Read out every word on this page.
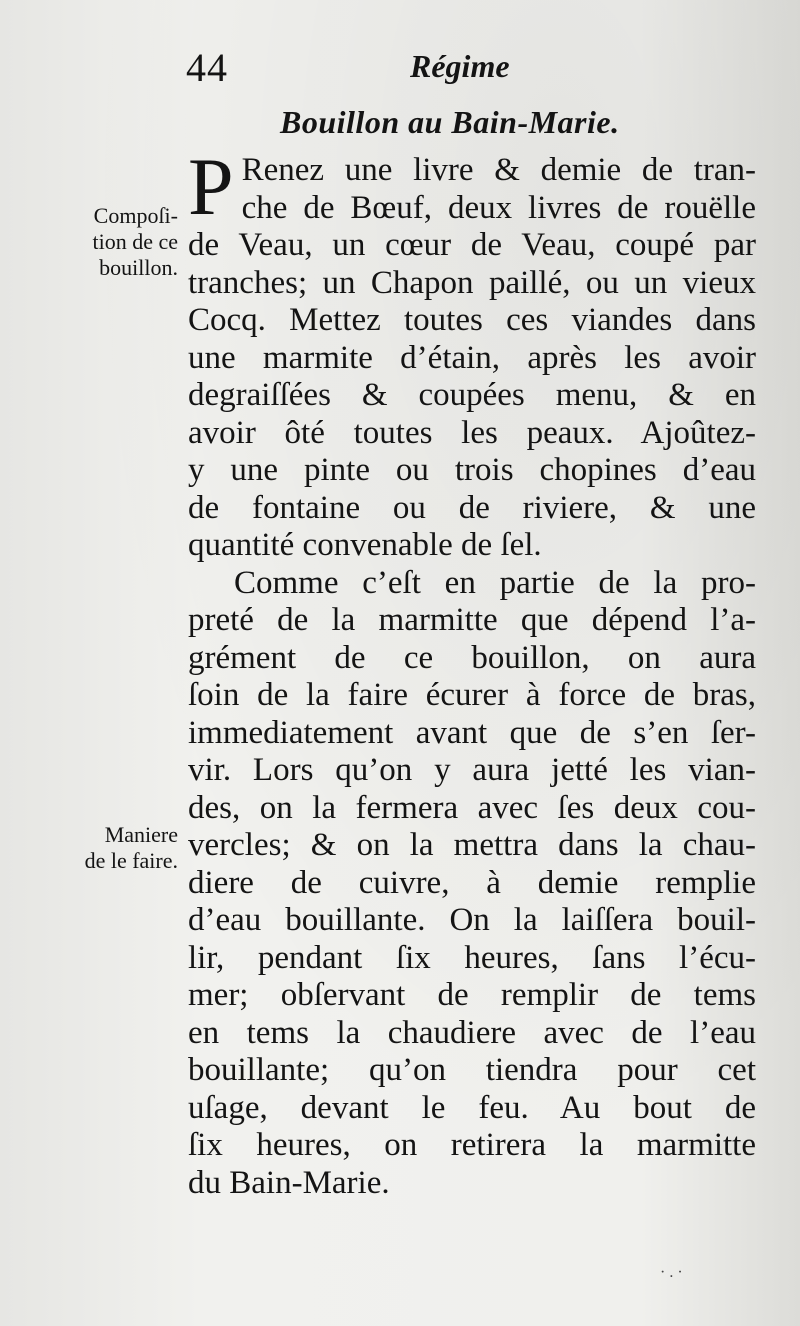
44	Régime
Bouillon au Bain-Marie.
Compoſi-
tion de ce
bouillon.
Maniere
de le faire.
P Renez une livre & demie de tran-
che de Bœuf, deux livres de rouëlle
de Veau, un cœur de Veau, coupé par
tranches; un Chapon paillé, ou un vieux
Cocq. Mettez toutes ces viandes dans
une marmite d’étain, après les avoir
degraiſſées & coupées menu, & en
avoir ôté toutes les peaux. Ajoûtez-
y une pinte ou trois chopines d’eau
de fontaine ou de riviere, & une
quantité convenable de ſel.
Comme c’eſt en partie de la pro-
preté de la marmitte que dépend l’a-
grément de ce bouillon, on aura
ſoin de la faire écurer à force de bras,
immediatement avant que de s’en ſer-
vir. Lors qu’on y aura jetté les vian-
des, on la fermera avec ſes deux cou-
vercles; & on la mettra dans la chau-
diere de cuivre, à demie remplie
d’eau bouillante. On la laiſſera bouil-
lir, pendant ſix heures, ſans l’écu-
mer; obſervant de remplir de tems
en tems la chaudiere avec de l’eau
bouillante; qu’on tiendra pour cet
uſage, devant le feu. Au bout de
ſix heures, on retirera la marmitte
du Bain-Marie.
· . ·
